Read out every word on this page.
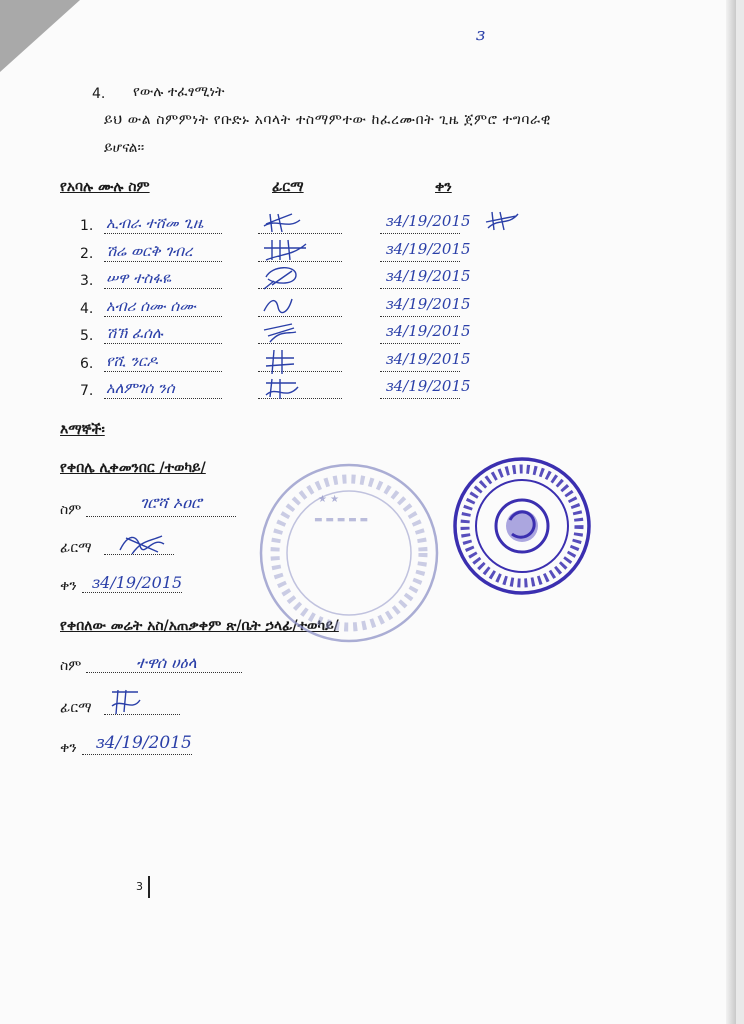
ɜ
4. የውሉ ተፈፃሚነት
ይህ ውል ስምምነት የቡድኑ አባላት ተስማምተው ከፈረሙበት ጊዜ ጀምሮ ተግባራዊ
ይሆናል፡፡
የአባሉ ሙሉ ስም	ፊርማ	ቀን
1. ኢብራ ተሸመ ጊዜ	ɜ4/19/2015
2. ሽሬ ወርቅ ገብረ	ɜ4/19/2015
3. ሠዋ ተስፋዬ	ɜ4/19/2015
4. አብሪ ሰሙ ሰሙ	ɜ4/19/2015
5. ሽኽ ፈሰሉ	ɜ4/19/2015
6. የሺ ንርዶ	ɜ4/19/2015
7. አለምገሰ ንሰ	ɜ4/19/2015
እማኞች፡
የቀበሌ ሊቀመንበር /ተወካይ/
ስም	ገሮሻ ኦዐሮ
ፊርማ
ቀን ɜ4/19/2015
የቀበለው መሬት አስ/አጠቃቀም ጽ/ቤት ኃላፊ/ተወካይ/
ስም	ተዋሰ ሀዕላ
ፊርማ
ቀን ɜ4/19/2015
★ ★
▬ ▬ ▬ ▬ ▬
3
